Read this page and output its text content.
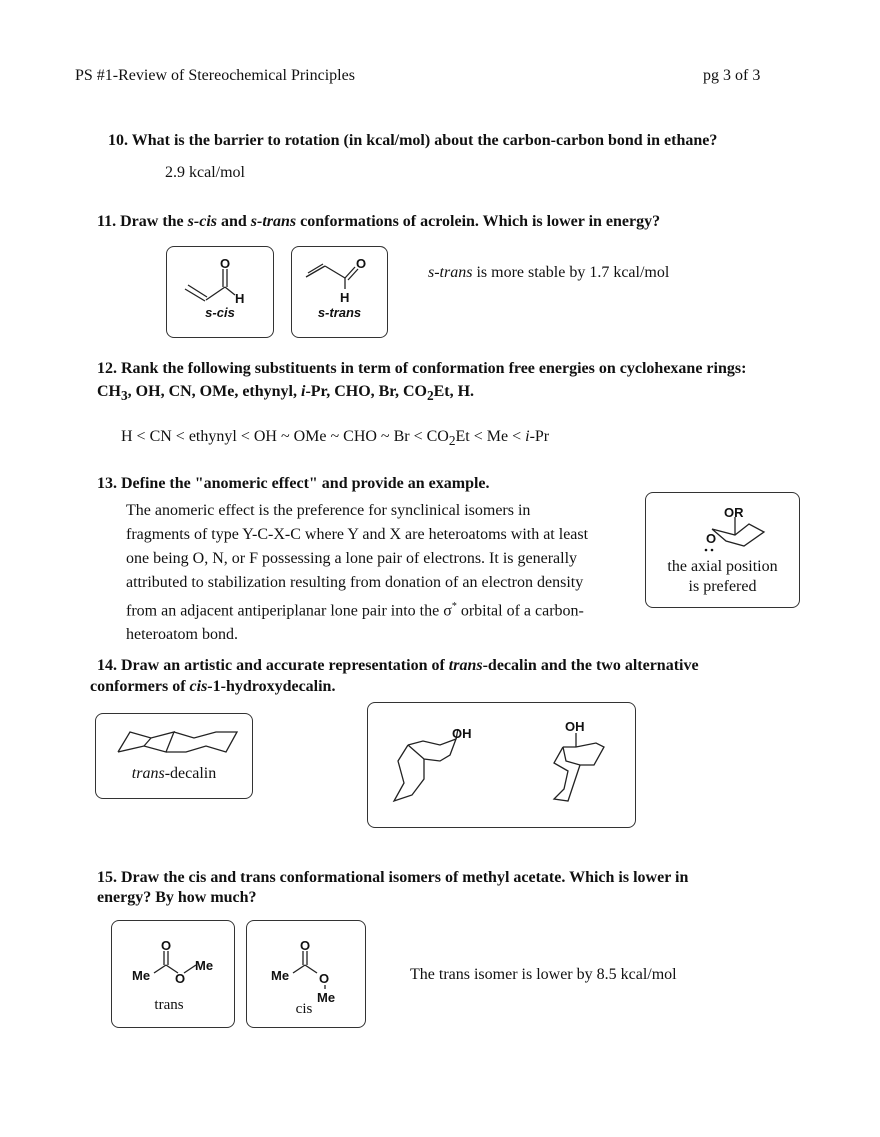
PS #1-Review of Stereochemical Principles	pg 3 of 3
10. What is the barrier to rotation (in kcal/mol) about the carbon-carbon bond in ethane?
2.9 kcal/mol
11. Draw the s-cis and s-trans conformations of acrolein. Which is lower in energy?
O
H
s-cis
O
H
s-trans
s-trans is more stable by 1.7 kcal/mol
12. Rank the following substituents in term of conformation free energies on cyclohexane rings:
$CH_3$, OH, CN, OMe, ethynyl, i-Pr, CHO, Br, $CO_2Et$, H.
H < CN < ethynyl < OH ~ OMe ~ CHO ~ $Br < CO_2Et < Me < i-Pr$
13. Define the "anomeric effect" and provide an example.
The anomeric effect is the preference for synclinical isomers in
fragments of type Y-C-X-C where Y and X are heteroatoms with at least
one being O, N, or F possessing a lone pair of electrons. It is generally
attributed to stabilization resulting from donation of an electron density
from an adjacent antiperiplanar lone pair into the σ* orbital of a carbon-
heteroatom bond.
OR
O
the axial position
is prefered
14. Draw an artistic and accurate representation of trans-decalin and the two alternative
conformers of cis-1-hydroxydecalin.
trans-decalin
OH	OH
15. Draw the cis and trans conformational isomers of methyl acetate. Which is lower in
energy? By how much?
O
Me O
Me
trans
O
Me O
Me
cis
The trans isomer is lower by 8.5 kcal/mol
